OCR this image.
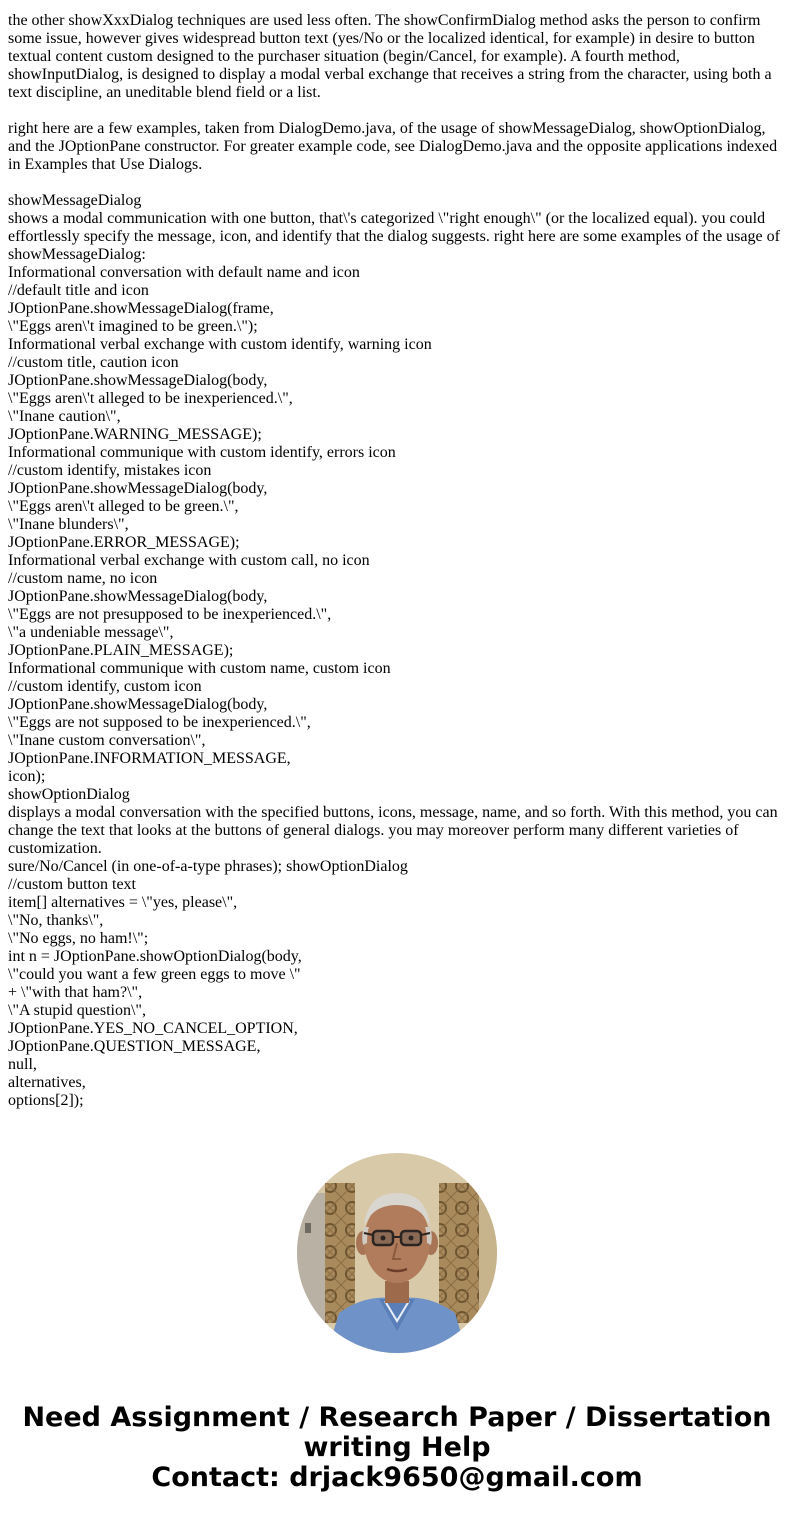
the other showXxxDialog techniques are used less often. The showConfirmDialog method asks the person to confirm some issue, however gives widespread button text (yes/No or the localized identical, for example) in desire to button textual content custom designed to the purchaser situation (begin/Cancel, for example). A fourth method, showInputDialog, is designed to display a modal verbal exchange that receives a string from the character, using both a text discipline, an uneditable blend field or a list.

right here are a few examples, taken from DialogDemo.java, of the usage of showMessageDialog, showOptionDialog, and the JOptionPane constructor. For greater example code, see DialogDemo.java and the opposite applications indexed in Examples that Use Dialogs.

showMessageDialog
shows a modal communication with one button, that\'s categorized \"right enough\" (or the localized equal). you could effortlessly specify the message, icon, and identify that the dialog suggests. right here are some examples of the usage of showMessageDialog:
Informational conversation with default name and icon
//default title and icon
JOptionPane.showMessageDialog(frame,
\"Eggs aren\'t imagined to be green.\");
Informational verbal exchange with custom identify, warning icon
//custom title, caution icon
JOptionPane.showMessageDialog(body,
\"Eggs aren\'t alleged to be inexperienced.\",
\"Inane caution\",
JOptionPane.WARNING_MESSAGE);
Informational communique with custom identify, errors icon
//custom identify, mistakes icon
JOptionPane.showMessageDialog(body,
\"Eggs aren\'t alleged to be green.\",
\"Inane blunders\",
JOptionPane.ERROR_MESSAGE);
Informational verbal exchange with custom call, no icon
//custom name, no icon
JOptionPane.showMessageDialog(body,
\"Eggs are not presupposed to be inexperienced.\",
\"a undeniable message\",
JOptionPane.PLAIN_MESSAGE);
Informational communique with custom name, custom icon
//custom identify, custom icon
JOptionPane.showMessageDialog(body,
\"Eggs are not supposed to be inexperienced.\",
\"Inane custom conversation\",
JOptionPane.INFORMATION_MESSAGE,
icon);
showOptionDialog
displays a modal conversation with the specified buttons, icons, message, name, and so forth. With this method, you can change the text that looks at the buttons of general dialogs. you may moreover perform many different varieties of customization.
sure/No/Cancel (in one-of-a-type phrases); showOptionDialog
//custom button text
item[] alternatives = \"yes, please\",
\"No, thanks\",
\"No eggs, no ham!\";
int n = JOptionPane.showOptionDialog(body,
\"could you want a few green eggs to move \"
+ \"with that ham?\",
\"A stupid question\",
JOptionPane.YES_NO_CANCEL_OPTION,
JOptionPane.QUESTION_MESSAGE,
null,
alternatives,
options[2]);
Need Assignment / Research Paper / Dissertation
writing Help
Contact: drjack9650@gmail.com
